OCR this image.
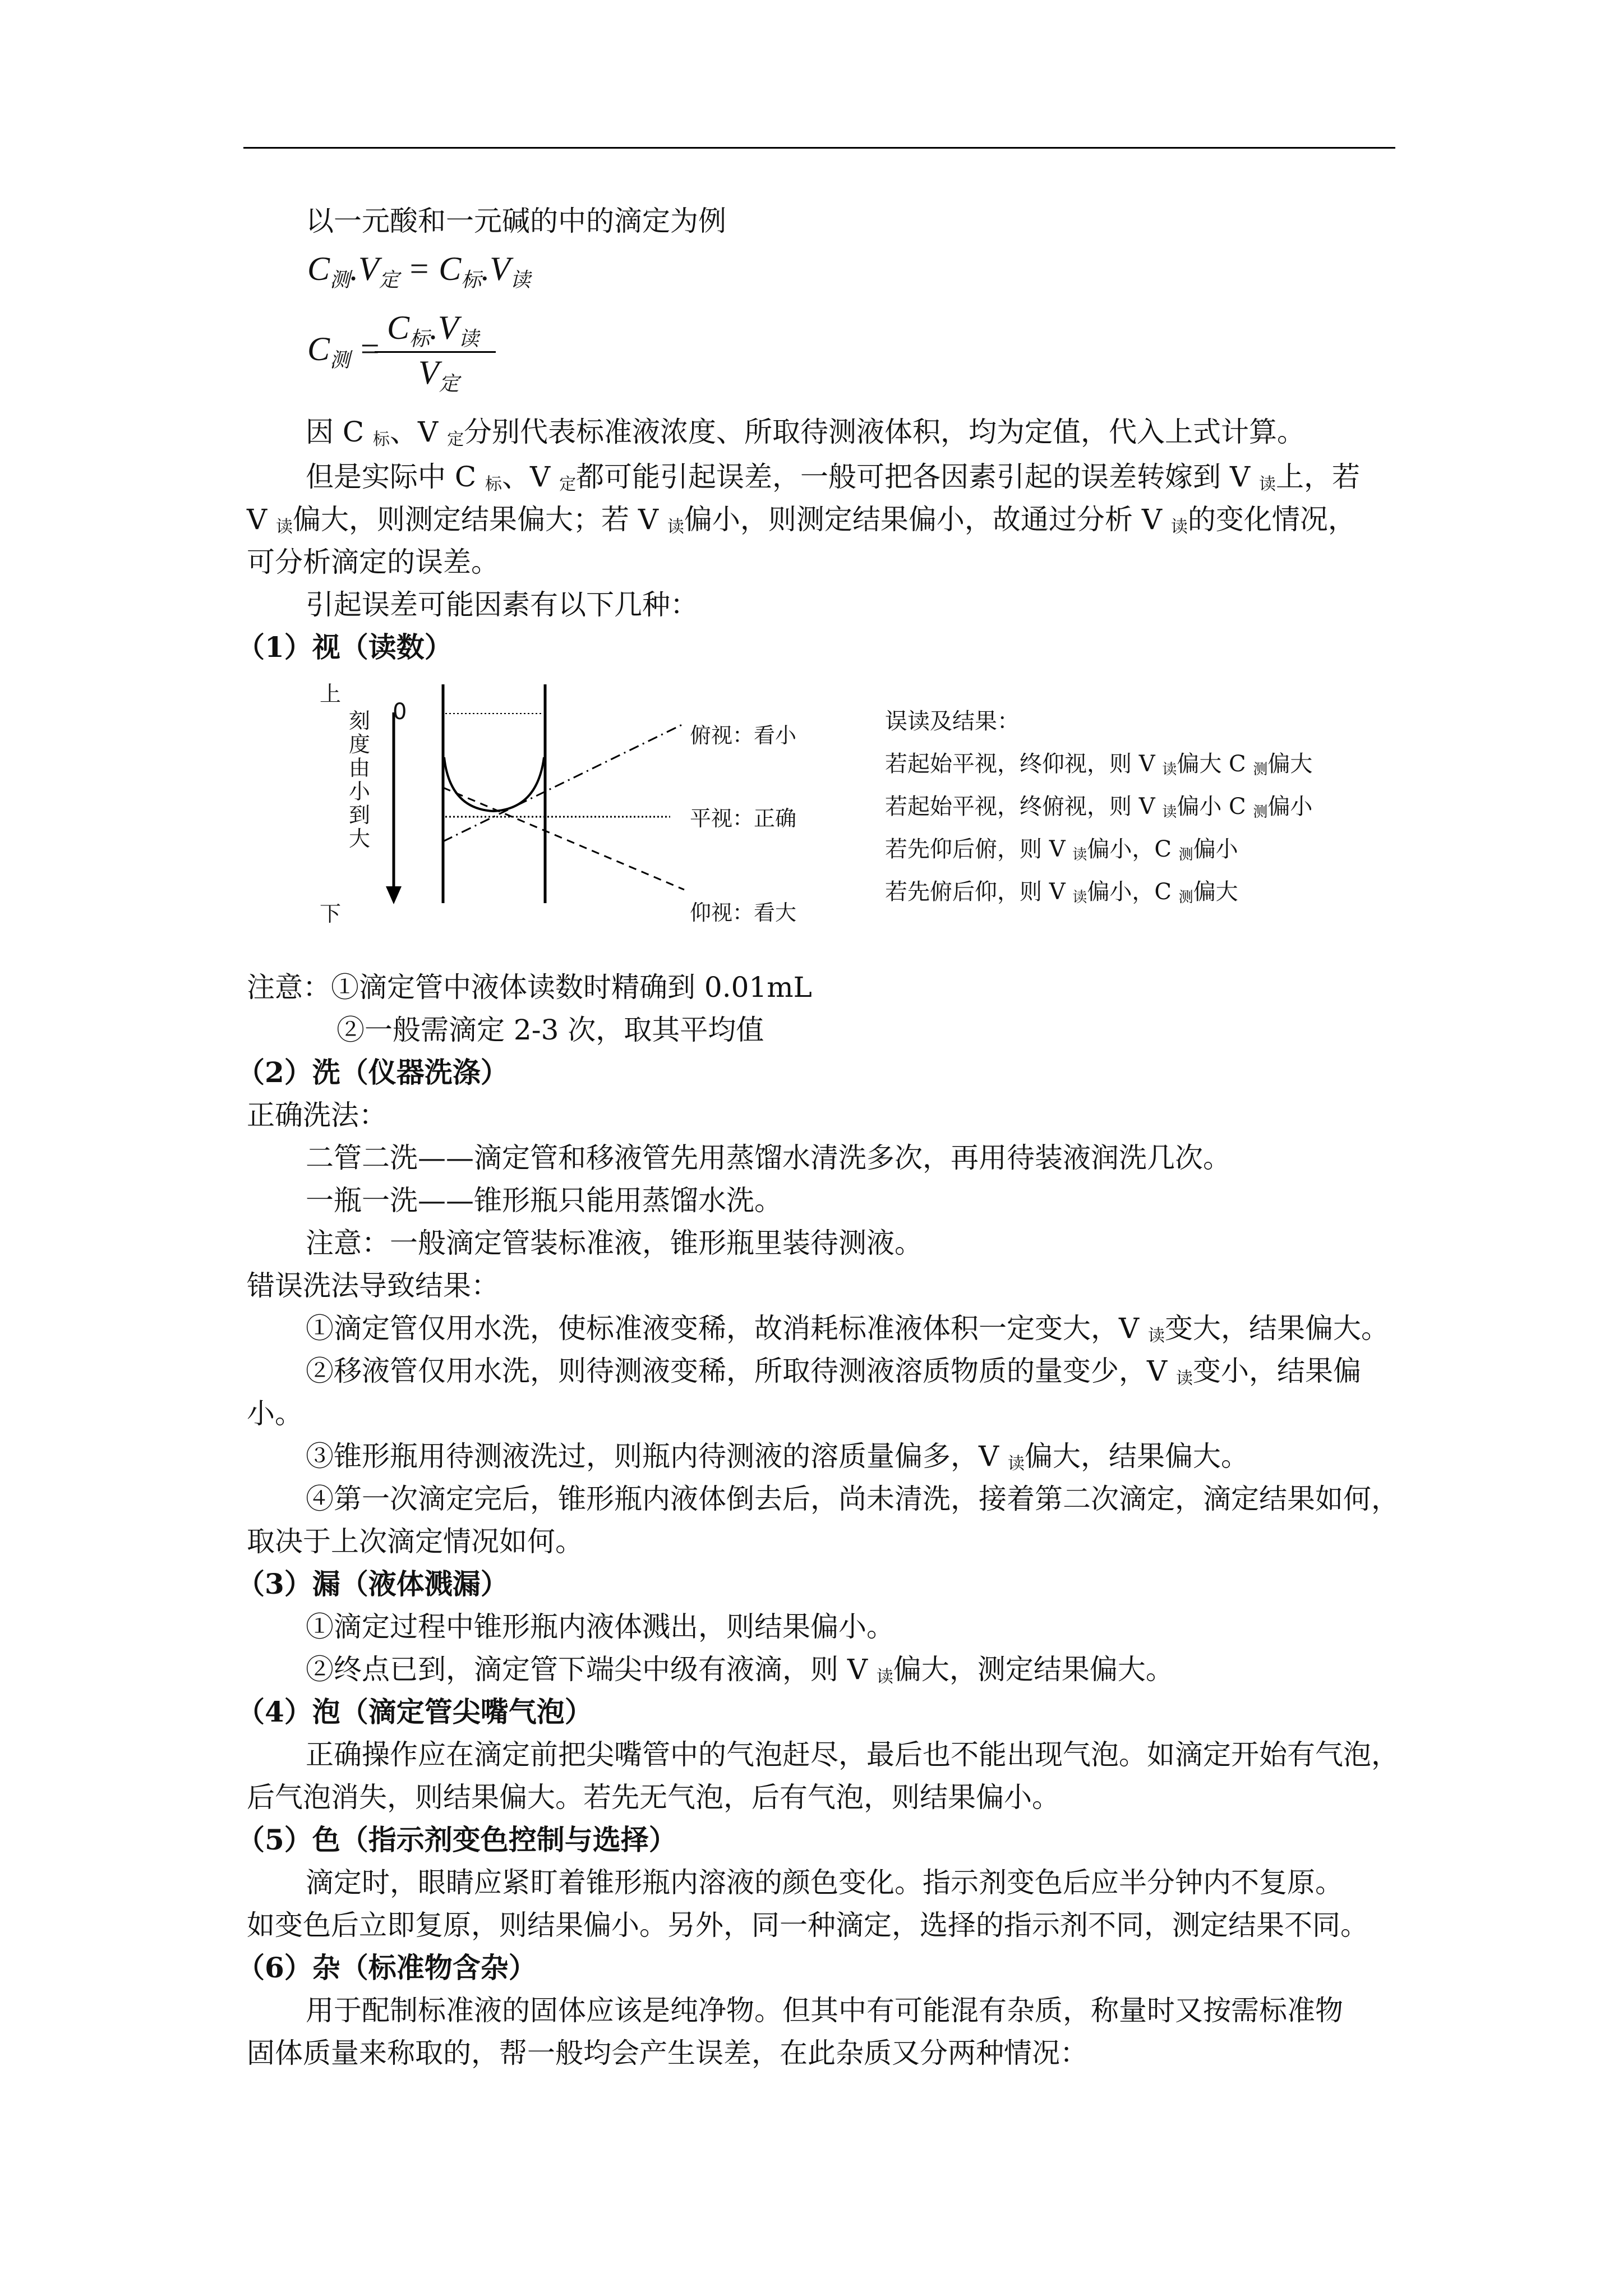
以一元酸和一元碱的中的滴定为例
$C_测.V_定 = C_标.V_读$
$C_测$ =
$C_标.V_读$
$V_定$
因 C $_标$、V $_定$分别代表标准液浓度、所取待测液体积，均为定值，代入上式计算。
但是实际中 C $_标$、V $_定$都可能引起误差，一般可把各因素引起的误差转嫁到 V $_读$上，若
V $_读$偏大，则测定结果偏大；若 V $_读$偏小，则测定结果偏小，故通过分析 V $_读$的变化情况，
可分析滴定的误差。
引起误差可能因素有以下几种：
（1）视（读数）
上
下
刻
度
由
小
到
大
0
俯视：看小
平视：正确
仰视：看大
误读及结果：
若起始平视，终仰视，则 V $_读$偏大 C $_测$偏大
若起始平视，终俯视，则 V $_读$偏小 C $_测$偏小
若先仰后俯，则 V $_读$偏小，C $_测$偏小
若先俯后仰，则 V $_读$偏小，C $_测$偏大
注意：①滴定管中液体读数时精确到 0.01mL
②一般需滴定 2-3 次，取其平均值
（2）洗（仪器洗涤）
正确洗法：
二管二洗——滴定管和移液管先用蒸馏水清洗多次，再用待装液润洗几次。
一瓶一洗——锥形瓶只能用蒸馏水洗。
注意：一般滴定管装标准液，锥形瓶里装待测液。
错误洗法导致结果：
①滴定管仅用水洗，使标准液变稀，故消耗标准液体积一定变大，V $_读$变大，结果偏大。
②移液管仅用水洗，则待测液变稀，所取待测液溶质物质的量变少，V $_读$变小，结果偏
小。
③锥形瓶用待测液洗过，则瓶内待测液的溶质量偏多，V $_读$偏大，结果偏大。
④第一次滴定完后，锥形瓶内液体倒去后，尚未清洗，接着第二次滴定，滴定结果如何，
取决于上次滴定情况如何。
（3）漏（液体溅漏）
①滴定过程中锥形瓶内液体溅出，则结果偏小。
②终点已到，滴定管下端尖中级有液滴，则 V $_读$偏大，测定结果偏大。
（4）泡（滴定管尖嘴气泡）
正确操作应在滴定前把尖嘴管中的气泡赶尽，最后也不能出现气泡。如滴定开始有气泡，
后气泡消失，则结果偏大。若先无气泡，后有气泡，则结果偏小。
（5）色（指示剂变色控制与选择）
滴定时，眼睛应紧盯着锥形瓶内溶液的颜色变化。指示剂变色后应半分钟内不复原。
如变色后立即复原，则结果偏小。另外，同一种滴定，选择的指示剂不同，测定结果不同。
（6）杂（标准物含杂）
用于配制标准液的固体应该是纯净物。但其中有可能混有杂质，称量时又按需标准物
固体质量来称取的，帮一般均会产生误差，在此杂质又分两种情况：
